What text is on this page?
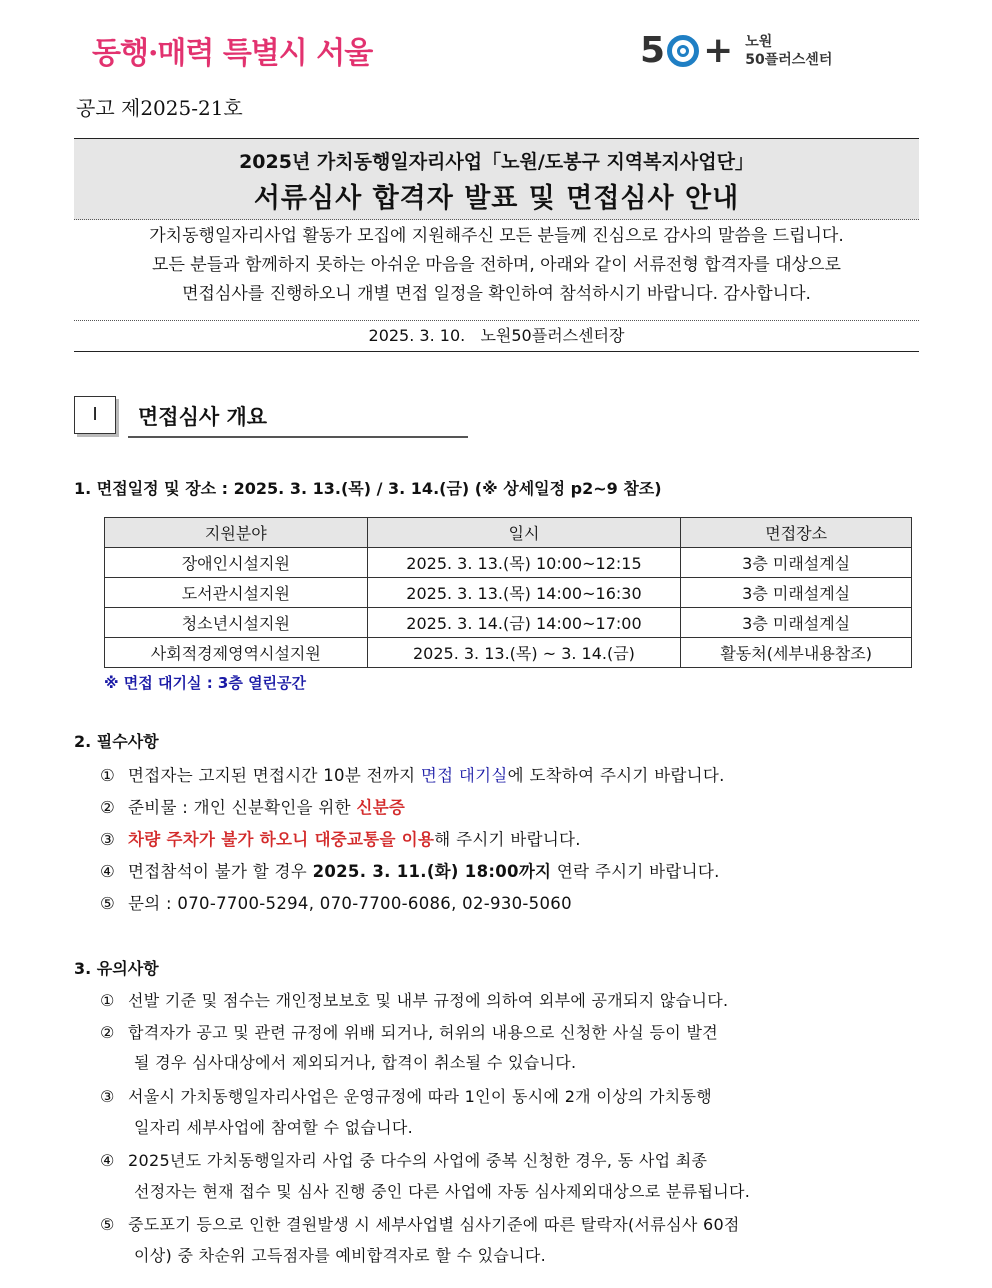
동행·매력 특별시 서울	5 + 노원
50플러스센터
공고 제2025-21호
2025년 가치동행일자리사업「노원/도봉구 지역복지사업단」
서류심사 합격자 발표 및 면접심사 안내
가치동행일자리사업 활동가 모집에 지원해주신 모든 분들께 진심으로 감사의 말씀을 드립니다.
모든 분들과 함께하지 못하는 아쉬운 마음을 전하며, 아래와 같이 서류전형 합격자를 대상으로
면접심사를 진행하오니 개별 면접 일정을 확인하여 참석하시기 바랍니다. 감사합니다.
2025. 3. 10.   노원50플러스센터장
Ⅰ	면접심사 개요
1. 면접일정 및 장소 : 2025. 3. 13.(목) / 3. 14.(금) (※ 상세일정 p2~9 참조)
지원분야	일시	면접장소
장애인시설지원	2025. 3. 13.(목) 10:00~12:15	3층 미래설계실
도서관시설지원	2025. 3. 13.(목) 14:00~16:30	3층 미래설계실
청소년시설지원	2025. 3. 14.(금) 14:00~17:00	3층 미래설계실
사회적경제영역시설지원	2025. 3. 13.(목) ~ 3. 14.(금)	활동처(세부내용참조)
※ 면접 대기실 : 3층 열린공간
2. 필수사항
① 면접자는 고지된 면접시간 10분 전까지 면접 대기실에 도착하여 주시기 바랍니다.
② 준비물 : 개인 신분확인을 위한 신분증
③ 차량 주차가 불가 하오니 대중교통을 이용해 주시기 바랍니다.
④ 면접참석이 불가 할 경우 2025. 3. 11.(화) 18:00까지 연락 주시기 바랍니다.
⑤ 문의 : 070-7700-5294, 070-7700-6086, 02-930-5060
3. 유의사항
① 선발 기준 및 점수는 개인정보보호 및 내부 규정에 의하여 외부에 공개되지 않습니다.
② 합격자가 공고 및 관련 규정에 위배 되거나, 허위의 내용으로 신청한 사실 등이 발견
될 경우 심사대상에서 제외되거나, 합격이 취소될 수 있습니다.
③ 서울시 가치동행일자리사업은 운영규정에 따라 1인이 동시에 2개 이상의 가치동행
일자리 세부사업에 참여할 수 없습니다.
④ 2025년도 가치동행일자리 사업 중 다수의 사업에 중복 신청한 경우, 동 사업 최종
선정자는 현재 접수 및 심사 진행 중인 다른 사업에 자동 심사제외대상으로 분류됩니다.
⑤ 중도포기 등으로 인한 결원발생 시 세부사업별 심사기준에 따른 탈락자(서류심사 60점
이상) 중 차순위 고득점자를 예비합격자로 할 수 있습니다.
